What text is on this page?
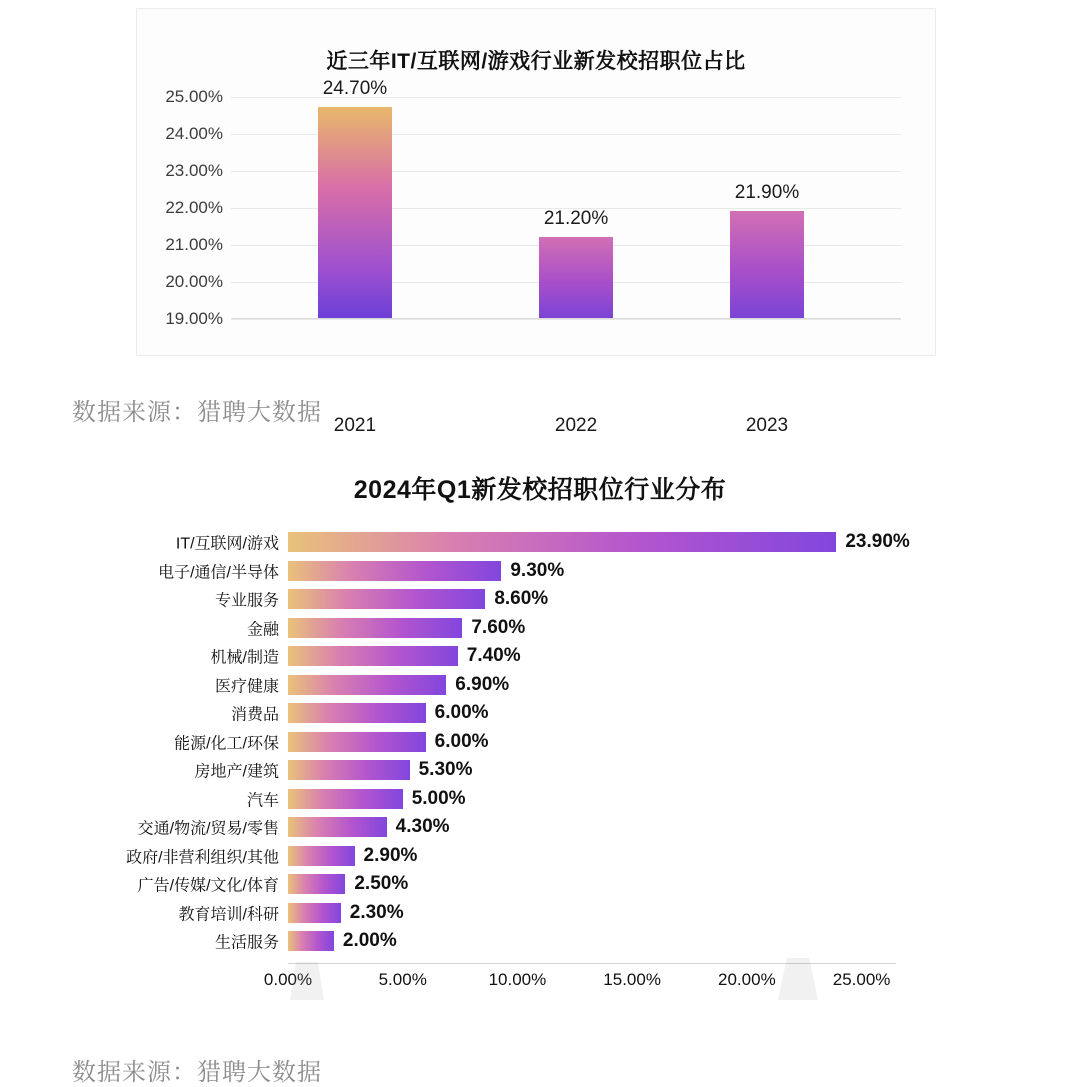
近三年IT/互联网/游戏行业新发校招职位占比
25.00%
24.00%
23.00%
22.00%
21.00%
20.00%
19.00%
24.70%
2021
21.20%
2022
21.90%
2023
数据来源：猎聘大数据
2024年Q1新发校招职位行业分布
0.00%	5.00%	10.00%	15.00%	20.00%	25.00%
IT/互联网/游戏	23.90%
电子/通信/半导体	9.30%
专业服务	8.60%
金融	7.60%
机械/制造	7.40%
医疗健康	6.90%
消费品	6.00%
能源/化工/环保	6.00%
房地产/建筑	5.30%
汽车	5.00%
交通/物流/贸易/零售	4.30%
政府/非营利组织/其他	2.90%
广告/传媒/文化/体育	2.50%
教育培训/科研	2.30%
生活服务	2.00%
数据来源：猎聘大数据
